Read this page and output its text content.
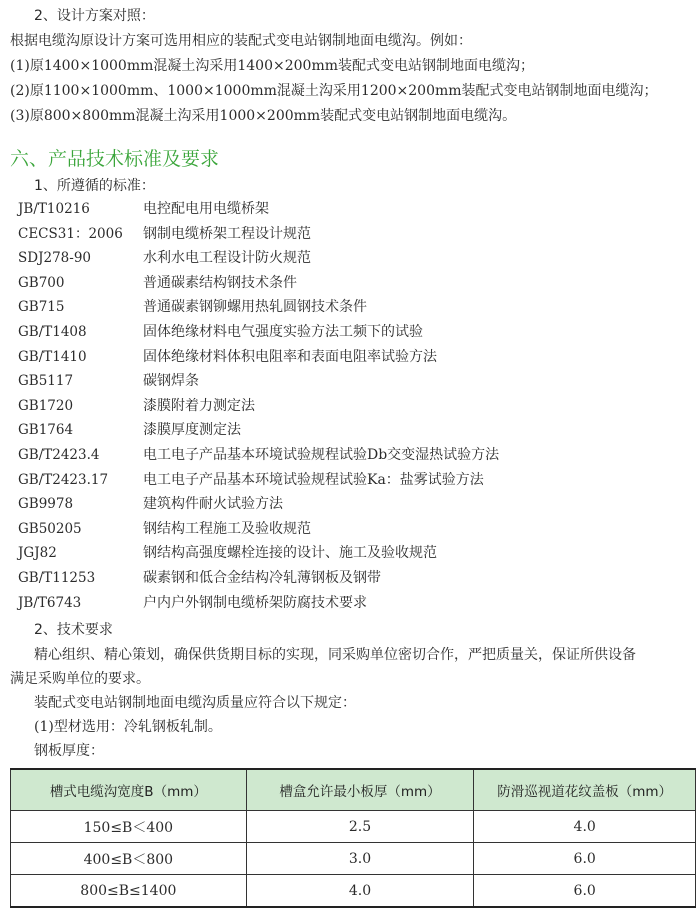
2、设计方案对照：
根据电缆沟原设计方案可选用相应的装配式变电站钢制地面电缆沟。例如：
(1)原1400×1000mm混凝土沟采用1400×200mm装配式变电站钢制地面电缆沟；
(2)原1100×1000mm、1000×1000mm混凝土沟采用1200×200mm装配式变电站钢制地面电缆沟；
(3)原800×800mm混凝土沟采用1000×200mm装配式变电站钢制地面电缆沟。
六、产品技术标准及要求
1、所遵循的标准：
JB/T10216	电控配电用电缆桥架
CECS31：2006	钢制电缆桥架工程设计规范
SDJ278-90	水利水电工程设计防火规范
GB700	普通碳素结构钢技术条件
GB715	普通碳素钢铆螺用热轧圆钢技术条件
GB/T1408	固体绝缘材料电气强度实验方法工频下的试验
GB/T1410	固体绝缘材料体积电阻率和表面电阻率试验方法
GB5117	碳钢焊条
GB1720	漆膜附着力测定法
GB1764	漆膜厚度测定法
GB/T2423.4	电工电子产品基本环境试验规程试验Db交变湿热试验方法
GB/T2423.17	电工电子产品基本环境试验规程试验Ka：盐雾试验方法
GB9978	建筑构件耐火试验方法
GB50205	钢结构工程施工及验收规范
JGJ82	钢结构高强度螺栓连接的设计、施工及验收规范
GB/T11253	碳素钢和低合金结构冷轧薄钢板及钢带
JB/T6743	户内户外钢制电缆桥架防腐技术要求
2、技术要求
精心组织、精心策划，确保供货期目标的实现，同采购单位密切合作，严把质量关，保证所供设备
满足采购单位的要求。
装配式变电站钢制地面电缆沟质量应符合以下规定：
(1)型材选用：冷轧钢板轧制。
钢板厚度：
槽式电缆沟宽度B（mm）	槽盒允许最小板厚（mm）	防滑巡视道花纹盖板（mm）
150≤B＜400	2.5	4.0
400≤B＜800	3.0	6.0
800≤B≤1400	4.0	6.0
